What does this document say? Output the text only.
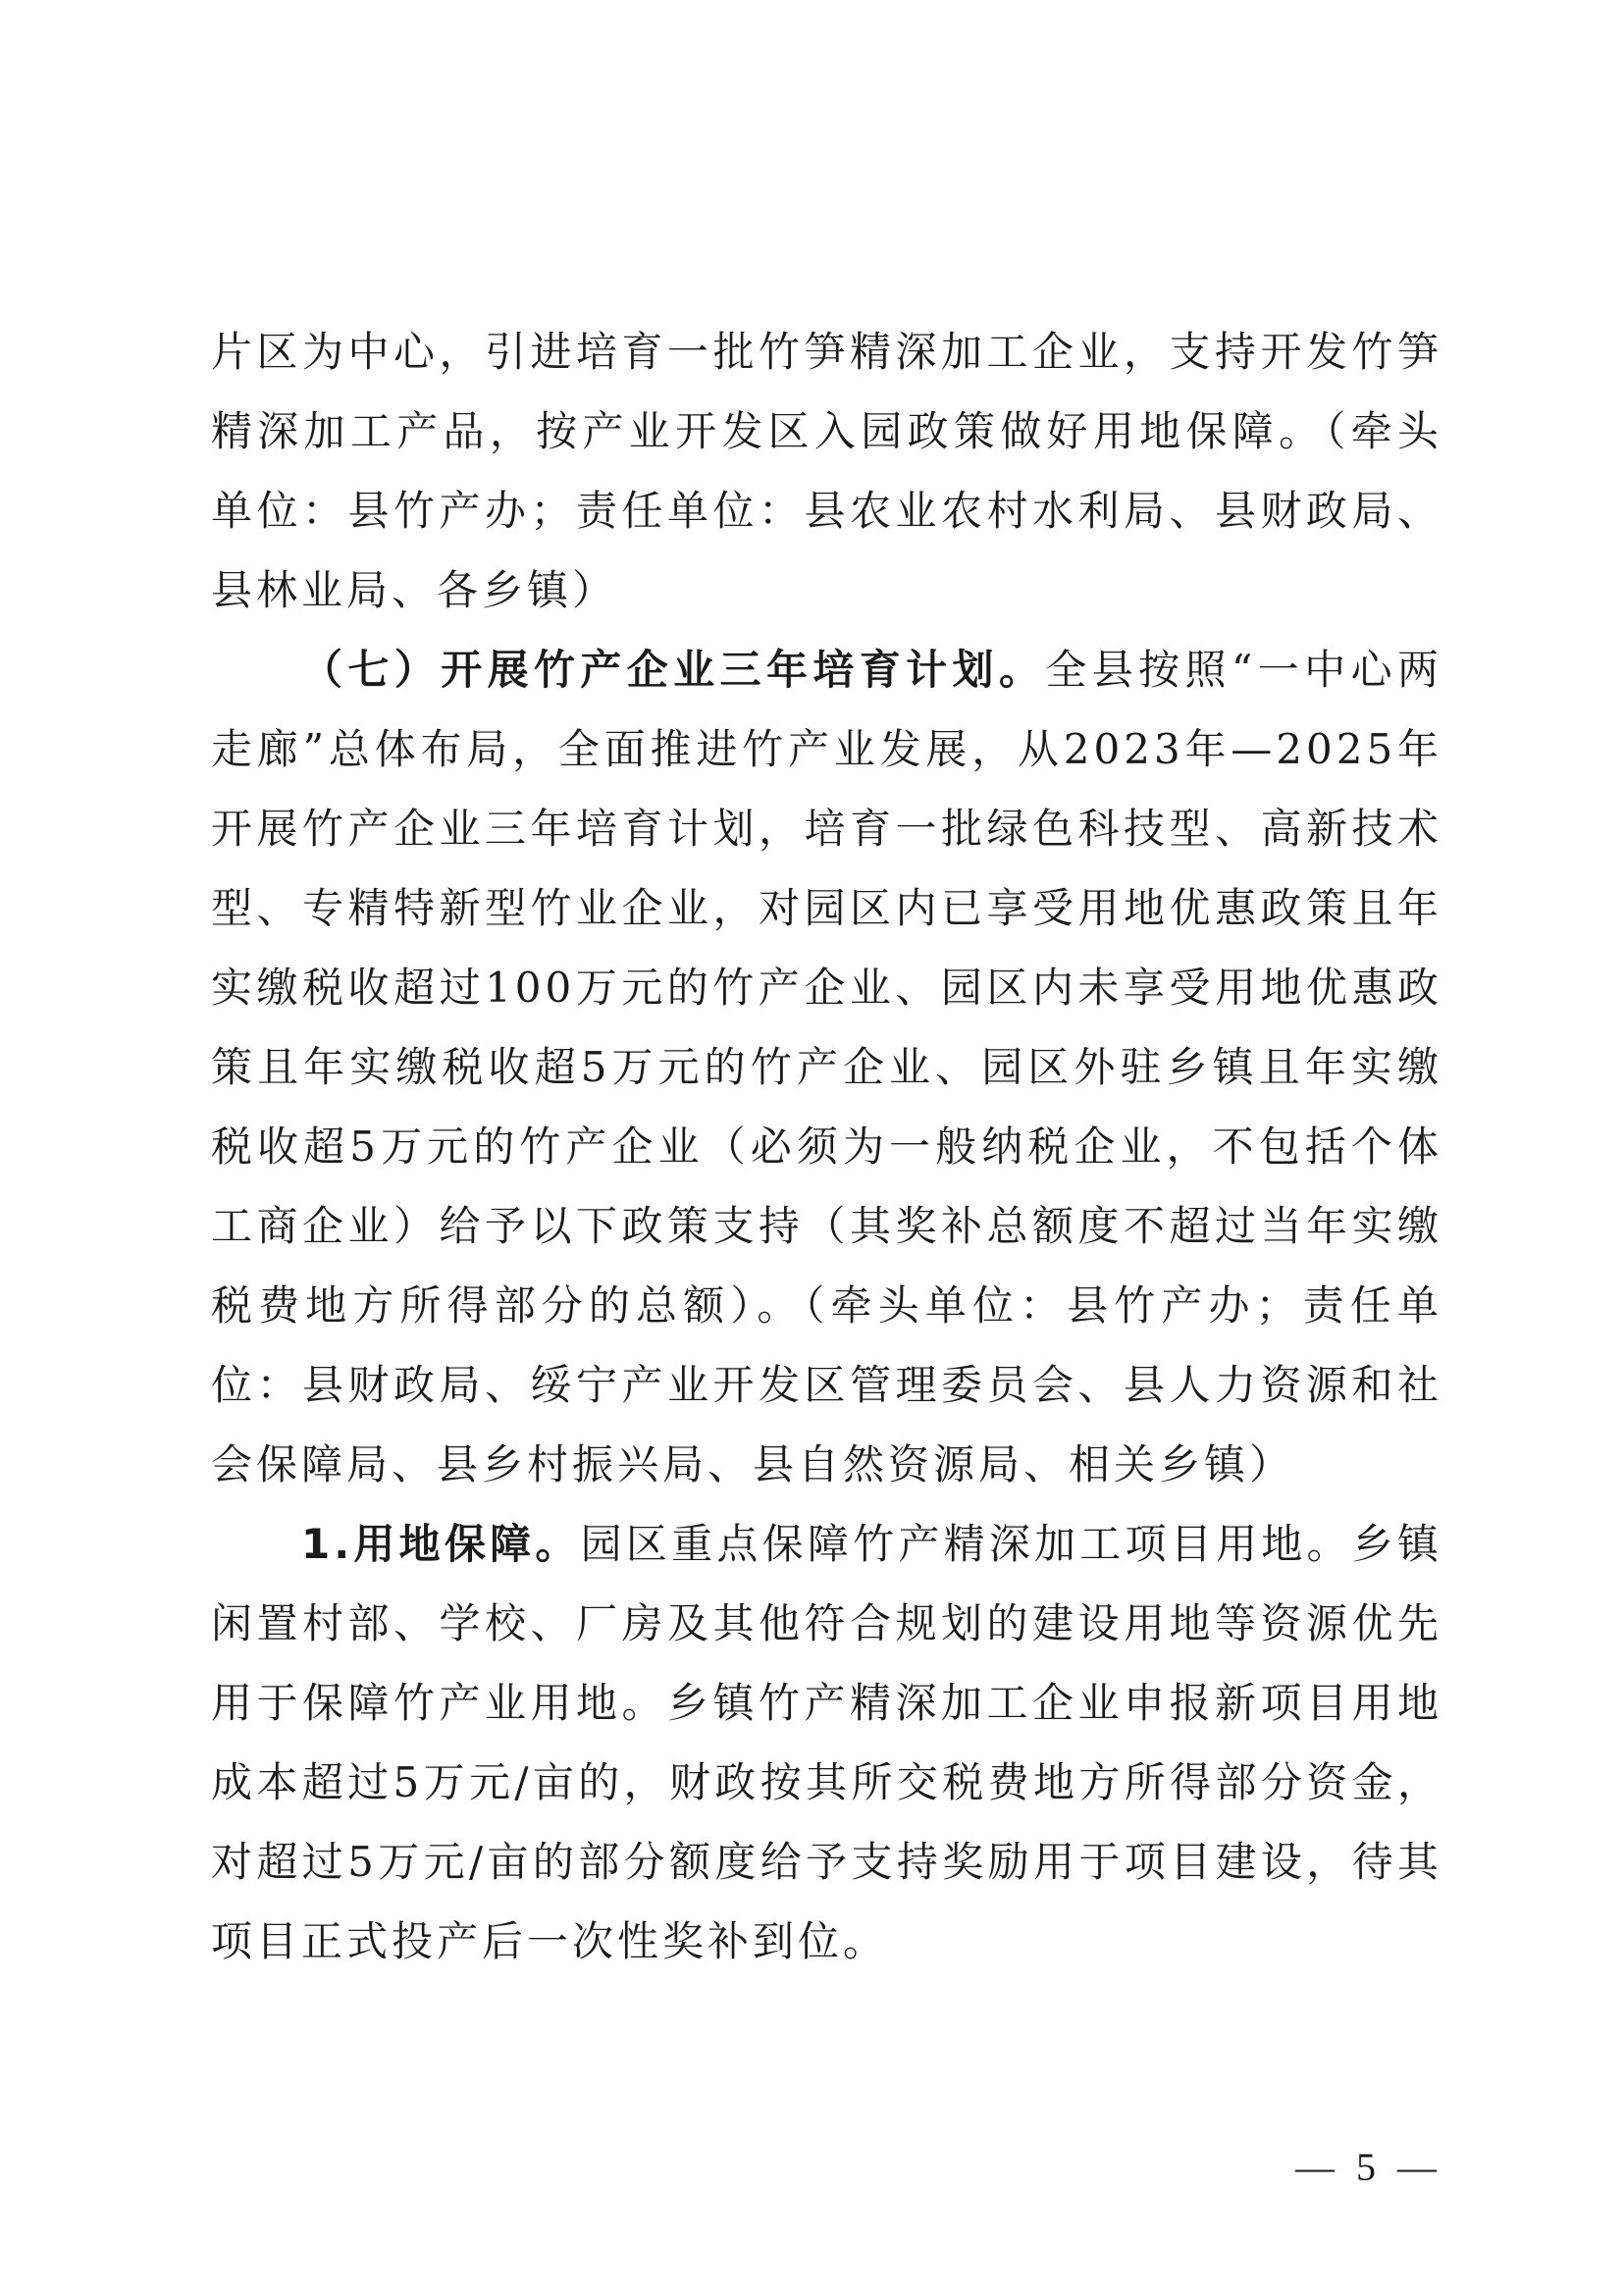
片区为中心，引进培育一批竹笋精深加工企业，支持开发竹笋精深加工产品，按产业开发区入园政策做好用地保障。（牵头单位：县竹产办；责任单位：县农业农村水利局、县财政局、县林业局、各乡镇）

（七）开展竹产企业三年培育计划。全县按照“一中心两走廊”总体布局，全面推进竹产业发展，从2023年—2025年开展竹产企业三年培育计划，培育一批绿色科技型、高新技术型、专精特新型竹业企业，对园区内已享受用地优惠政策且年实缴税收超过100万元的竹产企业、园区内未享受用地优惠政策且年实缴税收超5万元的竹产企业、园区外驻乡镇且年实缴税收超5万元的竹产企业（必须为一般纳税企业，不包括个体工商企业）给予以下政策支持（其奖补总额度不超过当年实缴税费地方所得部分的总额）。（牵头单位：县竹产办；责任单位：县财政局、绥宁产业开发区管理委员会、县人力资源和社会保障局、县乡村振兴局、县自然资源局、相关乡镇）

1.用地保障。园区重点保障竹产精深加工项目用地。乡镇闲置村部、学校、厂房及其他符合规划的建设用地等资源优先用于保障竹产业用地。乡镇竹产精深加工企业申报新项目用地成本超过5万元/亩的，财政按其所交税费地方所得部分资金，对超过5万元/亩的部分额度给予支持奖励用于项目建设，待其项目正式投产后一次性奖补到位。

— 5 —
